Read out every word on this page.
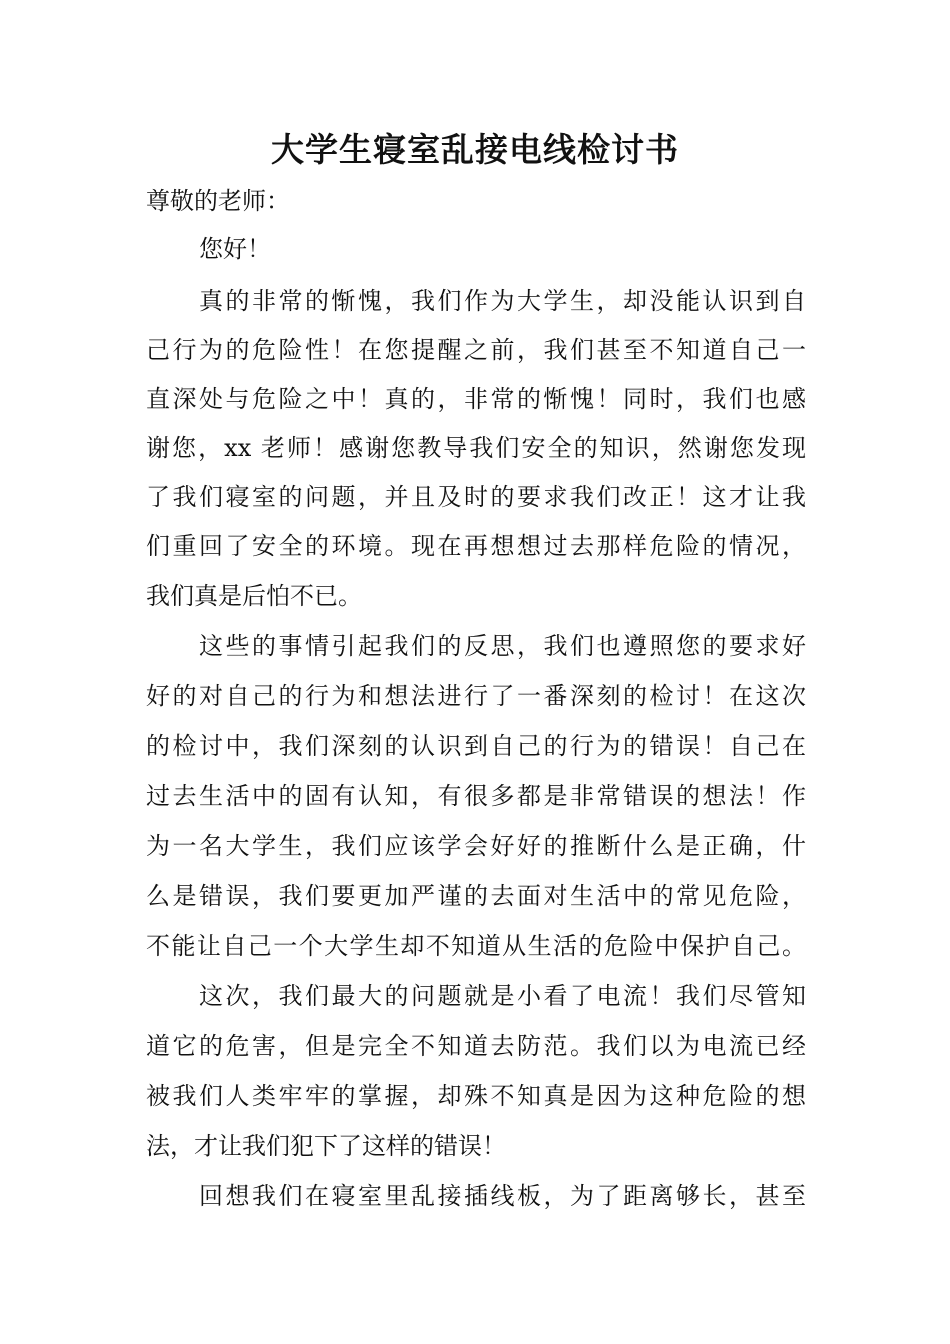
大学生寝室乱接电线检讨书
尊敬的老师：
您好！
真的非常的惭愧，我们作为大学生，却没能认识到自
己行为的危险性！在您提醒之前，我们甚至不知道自己一
直深处与危险之中！真的，非常的惭愧！同时，我们也感
谢您，xx 老师！感谢您教导我们安全的知识，然谢您发现
了我们寝室的问题，并且及时的要求我们改正！这才让我
们重回了安全的环境。现在再想想过去那样危险的情况，
我们真是后怕不已。
这些的事情引起我们的反思，我们也遵照您的要求好
好的对自己的行为和想法进行了一番深刻的检讨！在这次
的检讨中，我们深刻的认识到自己的行为的错误！自己在
过去生活中的固有认知，有很多都是非常错误的想法！作
为一名大学生，我们应该学会好好的推断什么是正确，什
么是错误，我们要更加严谨的去面对生活中的常见危险，
不能让自己一个大学生却不知道从生活的危险中保护自己。
这次，我们最大的问题就是小看了电流！我们尽管知
道它的危害，但是完全不知道去防范。我们以为电流已经
被我们人类牢牢的掌握，却殊不知真是因为这种危险的想
法，才让我们犯下了这样的错误！
回想我们在寝室里乱接插线板，为了距离够长，甚至
